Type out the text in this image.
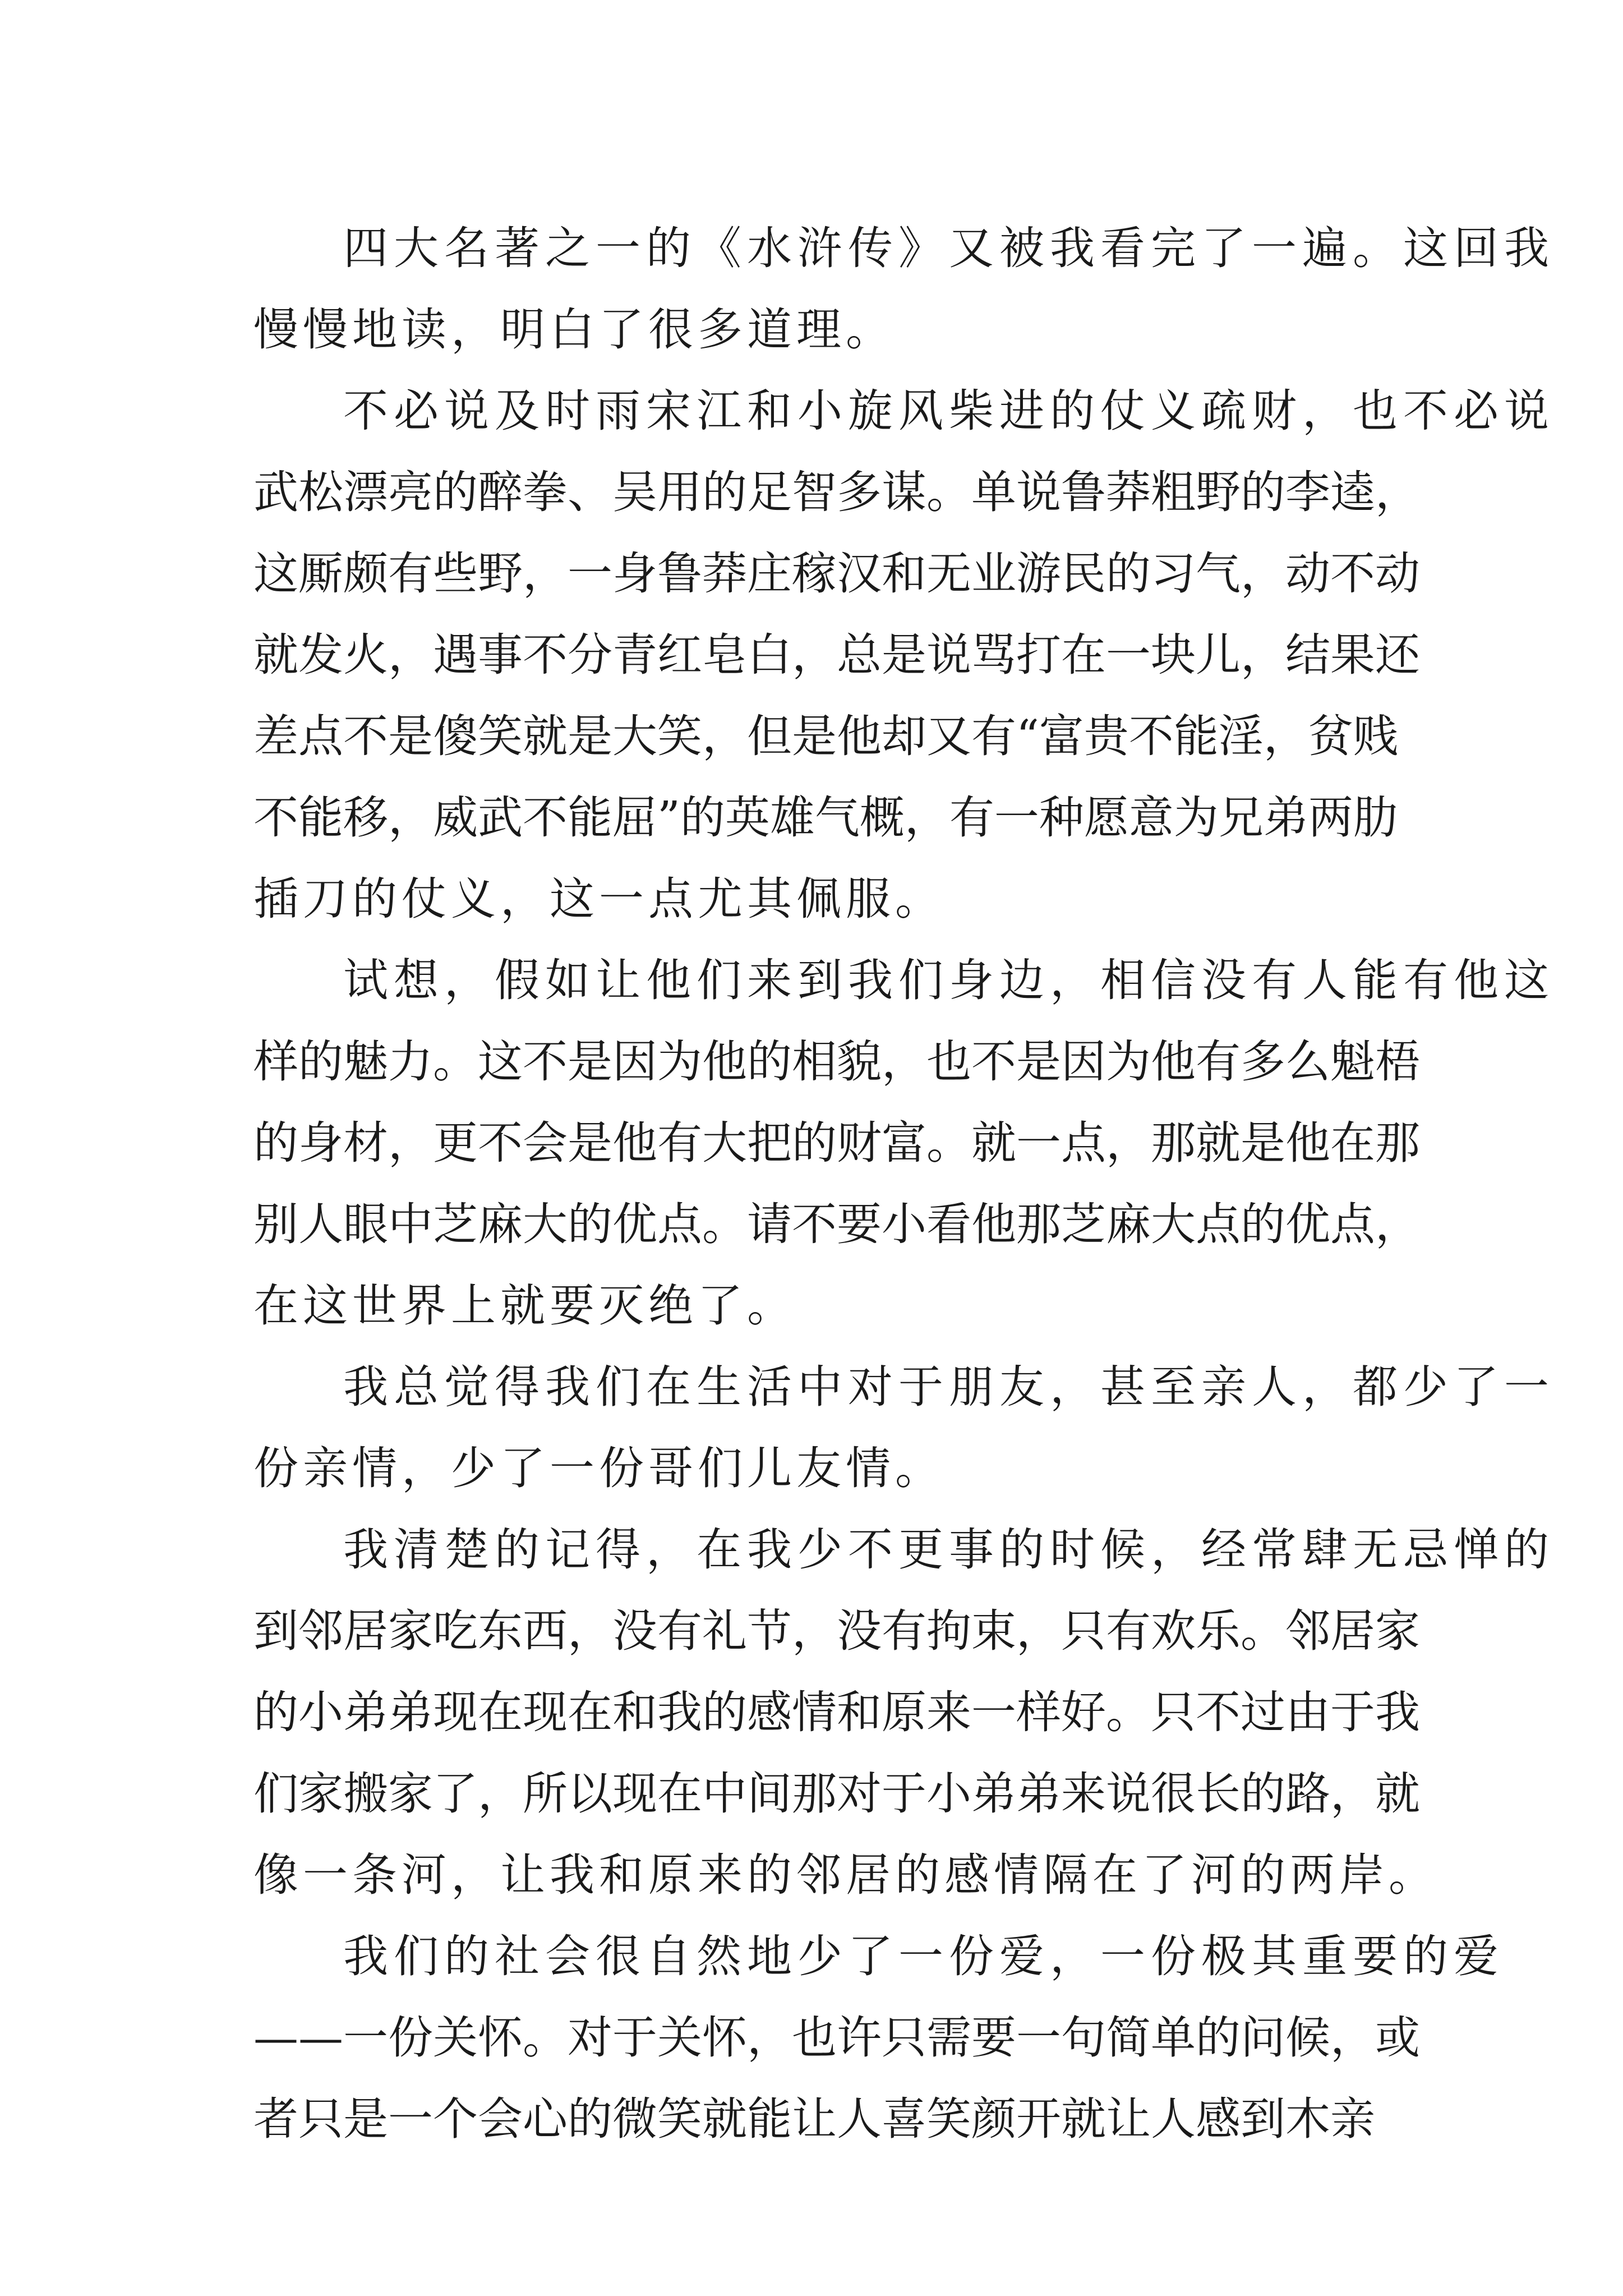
四大名著之一的《水浒传》又被我看完了一遍。这回我
慢慢地读，明白了很多道理。
不必说及时雨宋江和小旋风柴进的仗义疏财，也不必说
武松漂亮的醉拳、吴用的足智多谋。单说鲁莽粗野的李逵，
这厮颇有些野，一身鲁莽庄稼汉和无业游民的习气，动不动
就发火，遇事不分青红皂白，总是说骂打在一块儿，结果还
差点不是傻笑就是大笑，但是他却又有“富贵不能淫，贫贱
不能移，威武不能屈”的英雄气概，有一种愿意为兄弟两肋
插刀的仗义，这一点尤其佩服。
试想，假如让他们来到我们身边，相信没有人能有他这
样的魅力。这不是因为他的相貌，也不是因为他有多么魁梧
的身材，更不会是他有大把的财富。就一点，那就是他在那
别人眼中芝麻大的优点。请不要小看他那芝麻大点的优点，
在这世界上就要灭绝了。
我总觉得我们在生活中对于朋友，甚至亲人，都少了一
份亲情，少了一份哥们儿友情。
我清楚的记得，在我少不更事的时候，经常肆无忌惮的
到邻居家吃东西，没有礼节，没有拘束，只有欢乐。邻居家
的小弟弟现在现在和我的感情和原来一样好。只不过由于我
们家搬家了，所以现在中间那对于小弟弟来说很长的路，就
像一条河，让我和原来的邻居的感情隔在了河的两岸。
我们的社会很自然地少了一份爱，一份极其重要的爱
——一份关怀。对于关怀，也许只需要一句简单的问候，或
者只是一个会心的微笑就能让人喜笑颜开就让人感到木亲
